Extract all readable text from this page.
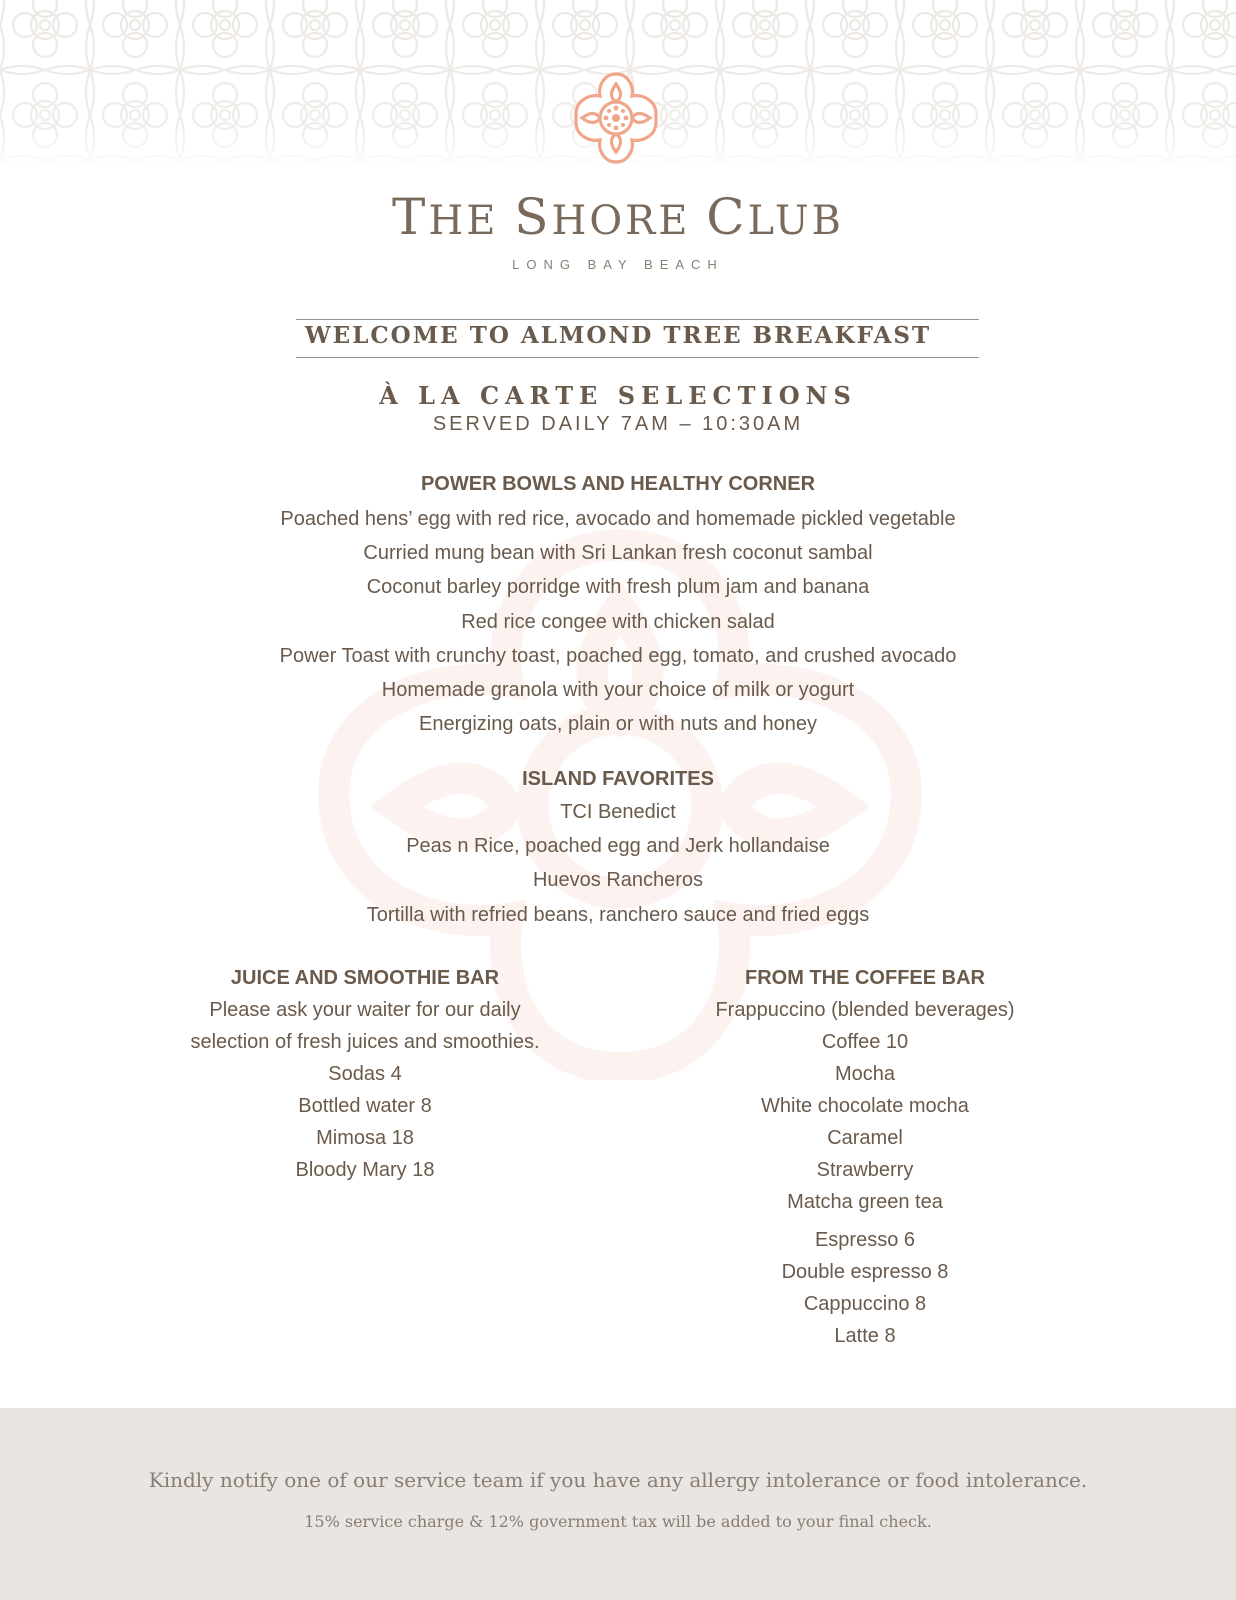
THE SHORE CLUB
LONG BAY BEACH
WELCOME TO ALMOND TREE BREAKFAST
À LA CARTE SELECTIONS
SERVED DAILY 7AM – 10:30AM
POWER BOWLS AND HEALTHY CORNER
Poached hens’ egg with red rice, avocado and homemade pickled vegetable
Curried mung bean with Sri Lankan fresh coconut sambal
Coconut barley porridge with fresh plum jam and banana
Red rice congee with chicken salad
Power Toast with crunchy toast, poached egg, tomato, and crushed avocado
Homemade granola with your choice of milk or yogurt
Energizing oats, plain or with nuts and honey
ISLAND FAVORITES
TCI Benedict
Peas n Rice, poached egg and Jerk hollandaise
Huevos Rancheros
Tortilla with refried beans, ranchero sauce and fried eggs
JUICE AND SMOOTHIE BAR
Please ask your waiter for our daily
selection of fresh juices and smoothies.
Sodas 4
Bottled water 8
Mimosa 18
Bloody Mary 18
FROM THE COFFEE BAR
Frappuccino (blended beverages)
Coffee 10
Mocha
White chocolate mocha
Caramel
Strawberry
Matcha green tea
Espresso 6
Double espresso 8
Cappuccino 8
Latte 8
Kindly notify one of our service team if you have any allergy intolerance or food intolerance.
15% service charge & 12% government tax will be added to your final check.
